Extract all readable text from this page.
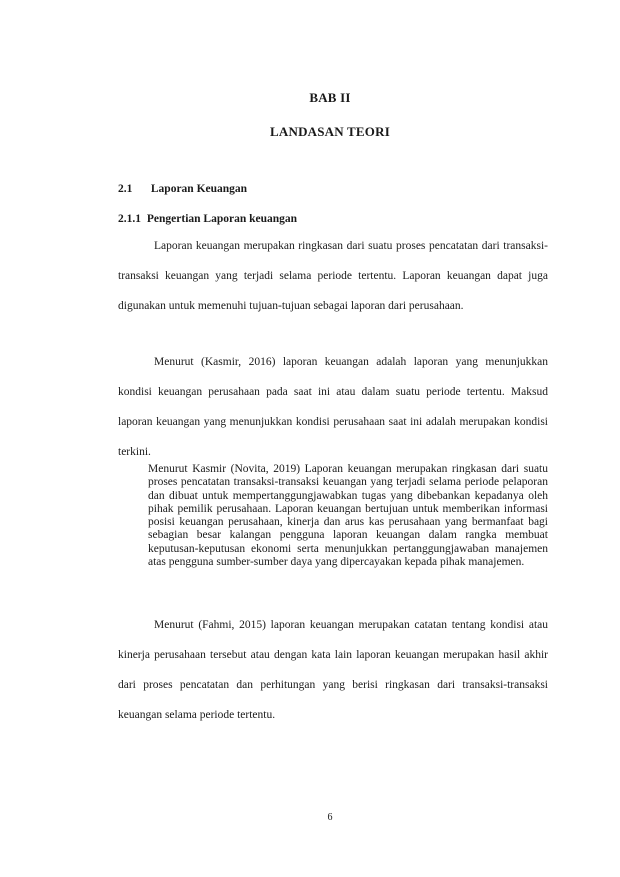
BAB II
LANDASAN TEORI
2.1 Laporan Keuangan
2.1.1 Pengertian Laporan keuangan

Laporan keuangan merupakan ringkasan dari suatu proses pencatatan dari transaksi-transaksi keuangan yang terjadi selama periode tertentu. Laporan keuangan dapat juga digunakan untuk memenuhi tujuan-tujuan sebagai laporan dari perusahaan.

Menurut (Kasmir, 2016) laporan keuangan adalah laporan yang menunjukkan kondisi keuangan perusahaan pada saat ini atau dalam suatu periode tertentu. Maksud laporan keuangan yang menunjukkan kondisi perusahaan saat ini adalah merupakan kondisi terkini.

Menurut Kasmir (Novita, 2019) Laporan keuangan merupakan ringkasan dari suatu proses pencatatan transaksi-transaksi keuangan yang terjadi selama periode pelaporan dan dibuat untuk mempertanggungjawabkan tugas yang dibebankan kepadanya oleh pihak pemilik perusahaan. Laporan keuangan bertujuan untuk memberikan informasi posisi keuangan perusahaan, kinerja dan arus kas perusahaan yang bermanfaat bagi sebagian besar kalangan pengguna laporan keuangan dalam rangka membuat keputusan-keputusan ekonomi serta menunjukkan pertanggungjawaban manajemen atas pengguna sumber-sumber daya yang dipercayakan kepada pihak manajemen.

Menurut (Fahmi, 2015) laporan keuangan merupakan catatan tentang kondisi atau kinerja perusahaan tersebut atau dengan kata lain laporan keuangan merupakan hasil akhir dari proses pencatatan dan perhitungan yang berisi ringkasan dari transaksi-transaksi keuangan selama periode tertentu.

6
